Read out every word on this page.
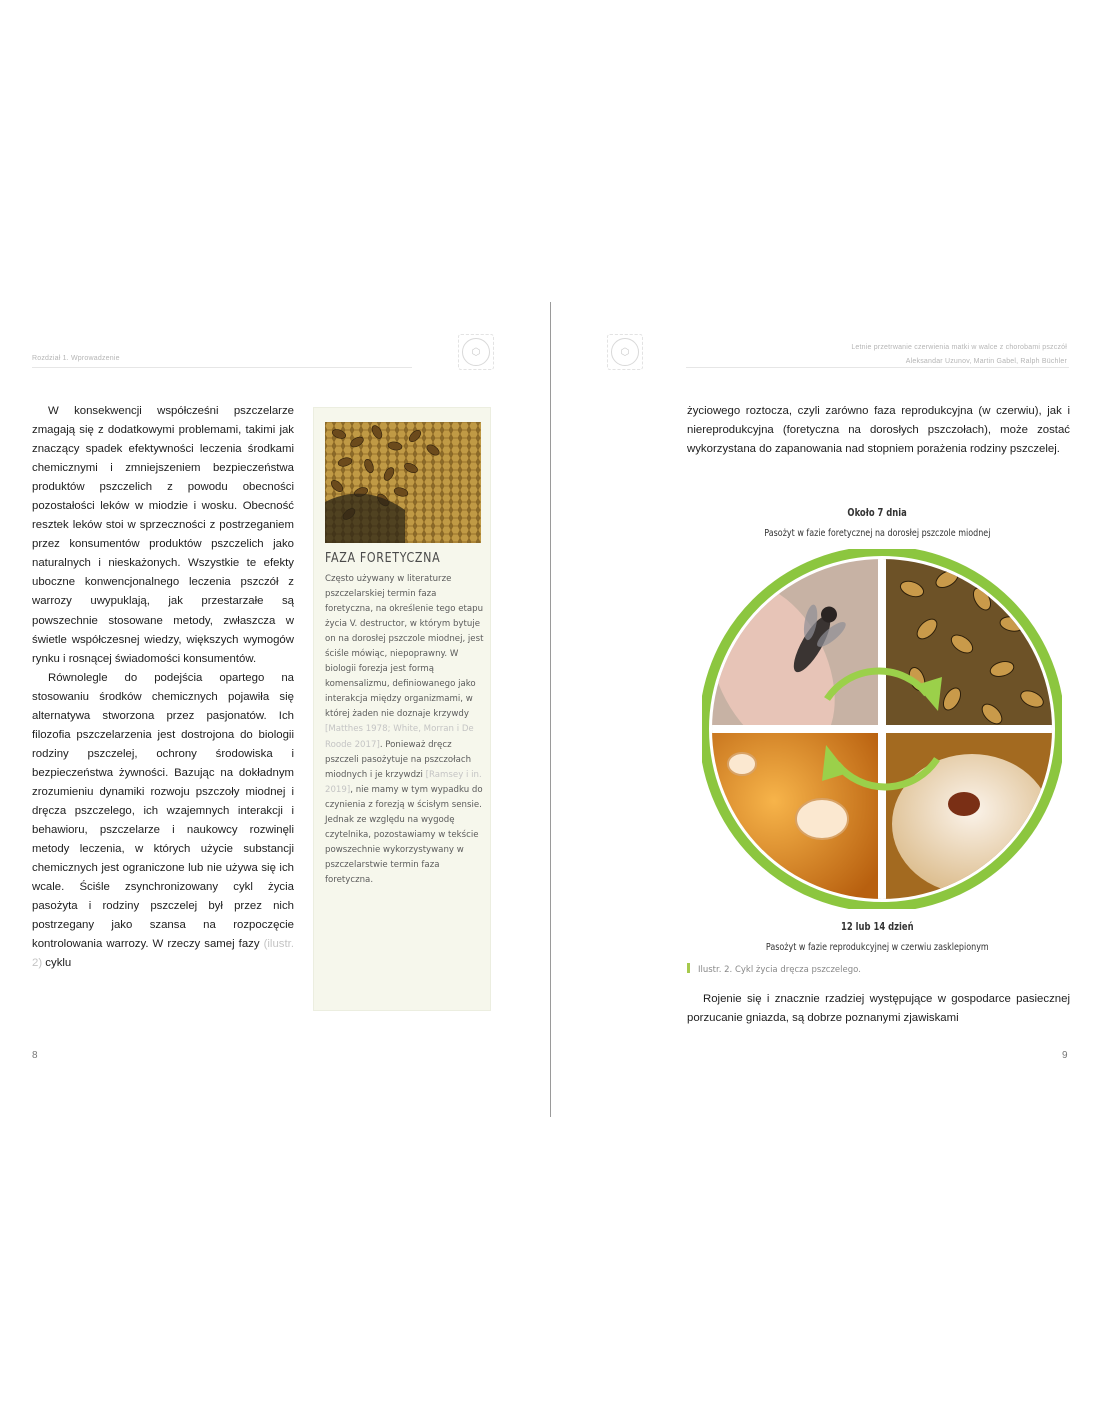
Rozdział 1. Wprowadzenie
⬡

W konsekwencji współcześni pszczelarze zmagają się z dodatkowymi problemami, takimi jak znaczący spadek efektywności leczenia środkami chemicznymi i zmniejszeniem bezpieczeństwa produktów pszczelich z powodu obecności pozostałości leków w miodzie i wosku. Obecność resztek leków stoi w sprzeczności z postrzeganiem przez konsumentów produktów pszczelich jako naturalnych i nieskażonych. Wszystkie te efekty uboczne konwencjonalnego leczenia pszczół z warrozy uwypuklają, jak przestarzałe są powszechnie stosowane metody, zwłaszcza w świetle współczesnej wiedzy, większych wymogów rynku i rosnącej świadomości konsumentów.

Równolegle do podejścia opartego na stosowaniu środków chemicznych pojawiła się alternatywa stworzona przez pasjonatów. Ich filozofia pszczelarzenia jest dostrojona do biologii rodziny pszczelej, ochrony środowiska i bezpieczeństwa żywności. Bazując na dokładnym zrozumieniu dynamiki rozwoju pszczoły miodnej i dręcza pszczelego, ich wzajemnych interakcji i behawioru, pszczelarze i naukowcy rozwinęli metody leczenia, w których użycie substancji chemicznych jest ograniczone lub nie używa się ich wcale. Ściśle zsynchronizowany cykl życia pasożyta i rodziny pszczelej był przez nich postrzegany jako szansa na rozpoczęcie kontrolowania warrozy. W rzeczy samej fazy (ilustr. 2) cyklu

FAZA FORETYCZNA
Często używany w literaturze pszczelarskiej termin faza foretyczna, na określenie tego etapu życia V. destructor, w którym bytuje on na dorosłej pszczole miodnej, jest ściśle mówiąc, niepoprawny. W biologii forezja jest formą komensalizmu, definiowanego jako interakcja między organizmami, w której żaden nie doznaje krzywdy [Matthes 1978; White, Morran i De Roode 2017]. Ponieważ dręcz pszczeli pasożytuje na pszczołach miodnych i je krzywdzi [Ramsey i in. 2019], nie mamy w tym wypadku do czynienia z forezją w ścisłym sensie. Jednak ze względu na wygodę czytelnika, pozostawiamy w tekście powszechnie wykorzystywany w pszczelarstwie termin faza foretyczna.
8
⬡	Letnie przetrwanie czerwienia matki w walce z chorobami pszczół
Aleksandar Uzunov, Martin Gabel, Ralph Büchler

życiowego roztocza, czyli zarówno faza reprodukcyjna (w czerwiu), jak i niereprodukcyjna (foretyczna na dorosłych pszczołach), może zostać wykorzystana do zapanowania nad stopniem porażenia rodziny pszczelej.

Około 7 dnia
Pasożyt w fazie foretycznej na dorosłej pszczole miodnej
12 lub 14 dzień
Pasożyt w fazie reprodukcyjnej w czerwiu zasklepionym
Ilustr. 2. Cykl życia dręcza pszczelego.

Rojenie się i znacznie rzadziej występujące w gospodarce pasiecznej porzucanie gniazda, są dobrze poznanymi zjawiskami

9
